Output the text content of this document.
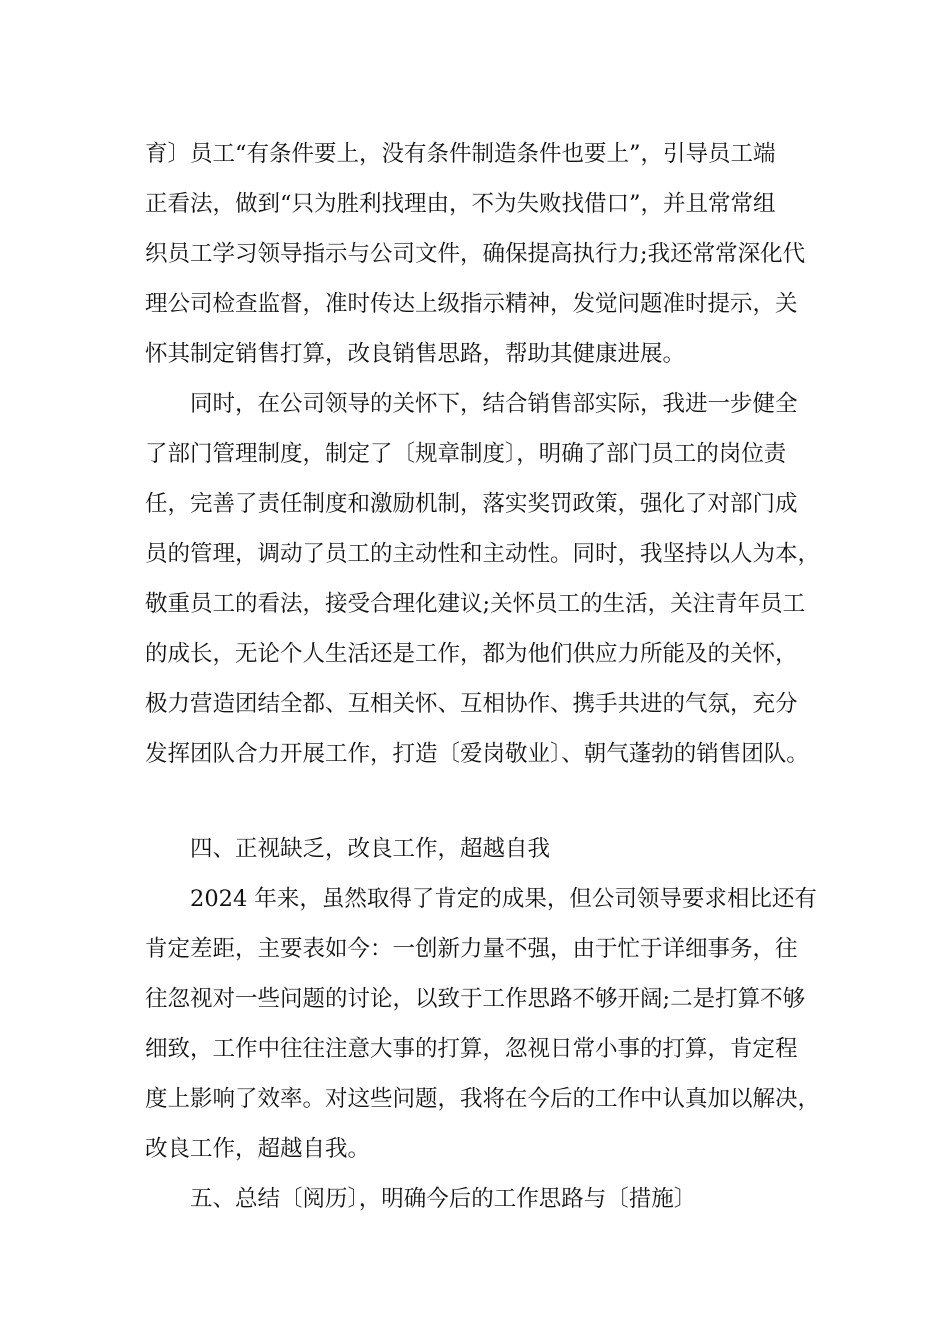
育〕员工“有条件要上，没有条件制造条件也要上”，引导员工端

正看法，做到“只为胜利找理由，不为失败找借口”，并且常常组

织员工学习领导指示与公司文件，确保提高执行力;我还常常深化代

理公司检查监督，准时传达上级指示精神，发觉问题准时提示，关

怀其制定销售打算，改良销售思路，帮助其健康进展。

同时，在公司领导的关怀下，结合销售部实际，我进一步健全

了部门管理制度，制定了〔规章制度〕，明确了部门员工的岗位责

任，完善了责任制度和激励机制，落实奖罚政策，强化了对部门成

员的管理，调动了员工的主动性和主动性。同时，我坚持以人为本，

敬重员工的看法，接受合理化建议;关怀员工的生活，关注青年员工

的成长，无论个人生活还是工作，都为他们供应力所能及的关怀，

极力营造团结全都、互相关怀、互相协作、携手共进的气氛，充分

发挥团队合力开展工作，打造〔爱岗敬业〕、朝气蓬勃的销售团队。

四、正视缺乏，改良工作，超越自我

2024 年来，虽然取得了肯定的成果，但公司领导要求相比还有

肯定差距，主要表如今：一创新力量不强，由于忙于详细事务，往

往忽视对一些问题的讨论，以致于工作思路不够开阔;二是打算不够

细致，工作中往往注意大事的打算，忽视日常小事的打算，肯定程

度上影响了效率。对这些问题，我将在今后的工作中认真加以解决，

改良工作，超越自我。

五、总结〔阅历〕，明确今后的工作思路与〔措施〕
